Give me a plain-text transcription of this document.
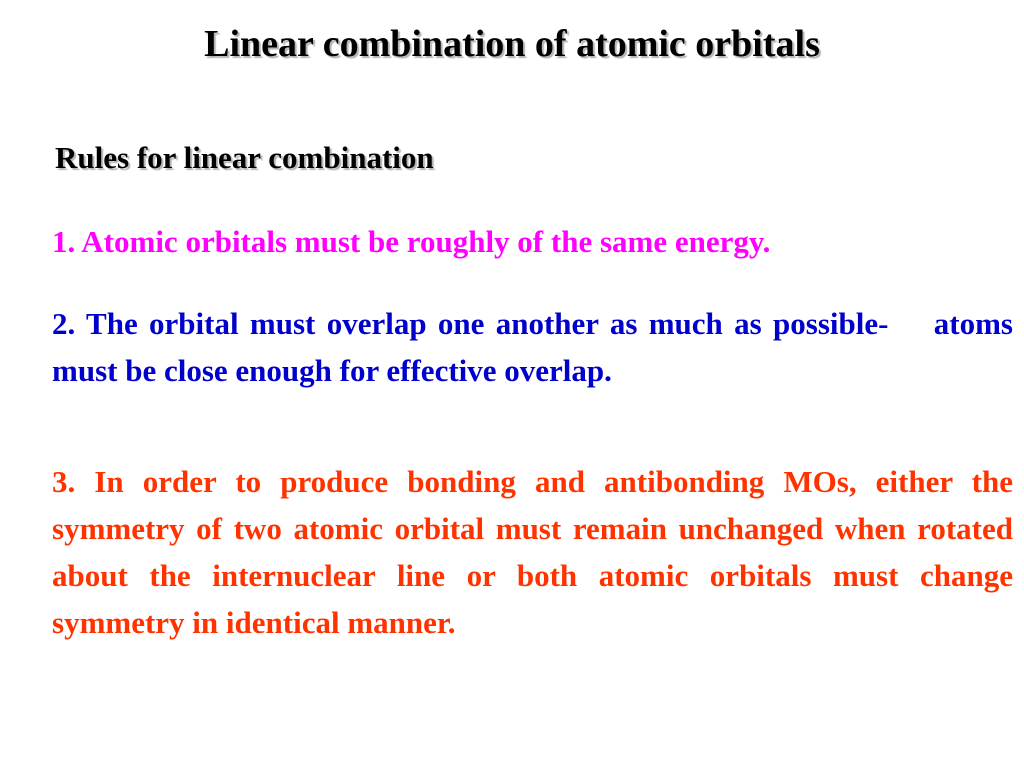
Linear combination of atomic orbitals
Rules for linear combination
1. Atomic orbitals must be roughly of the same energy.
2. The orbital must overlap one another as much as possible-    atoms must be close enough for effective overlap.
3. In order to produce bonding and antibonding MOs, either the symmetry of two atomic orbital must remain unchanged when rotated about the internuclear line or both atomic orbitals must change symmetry in identical manner.
